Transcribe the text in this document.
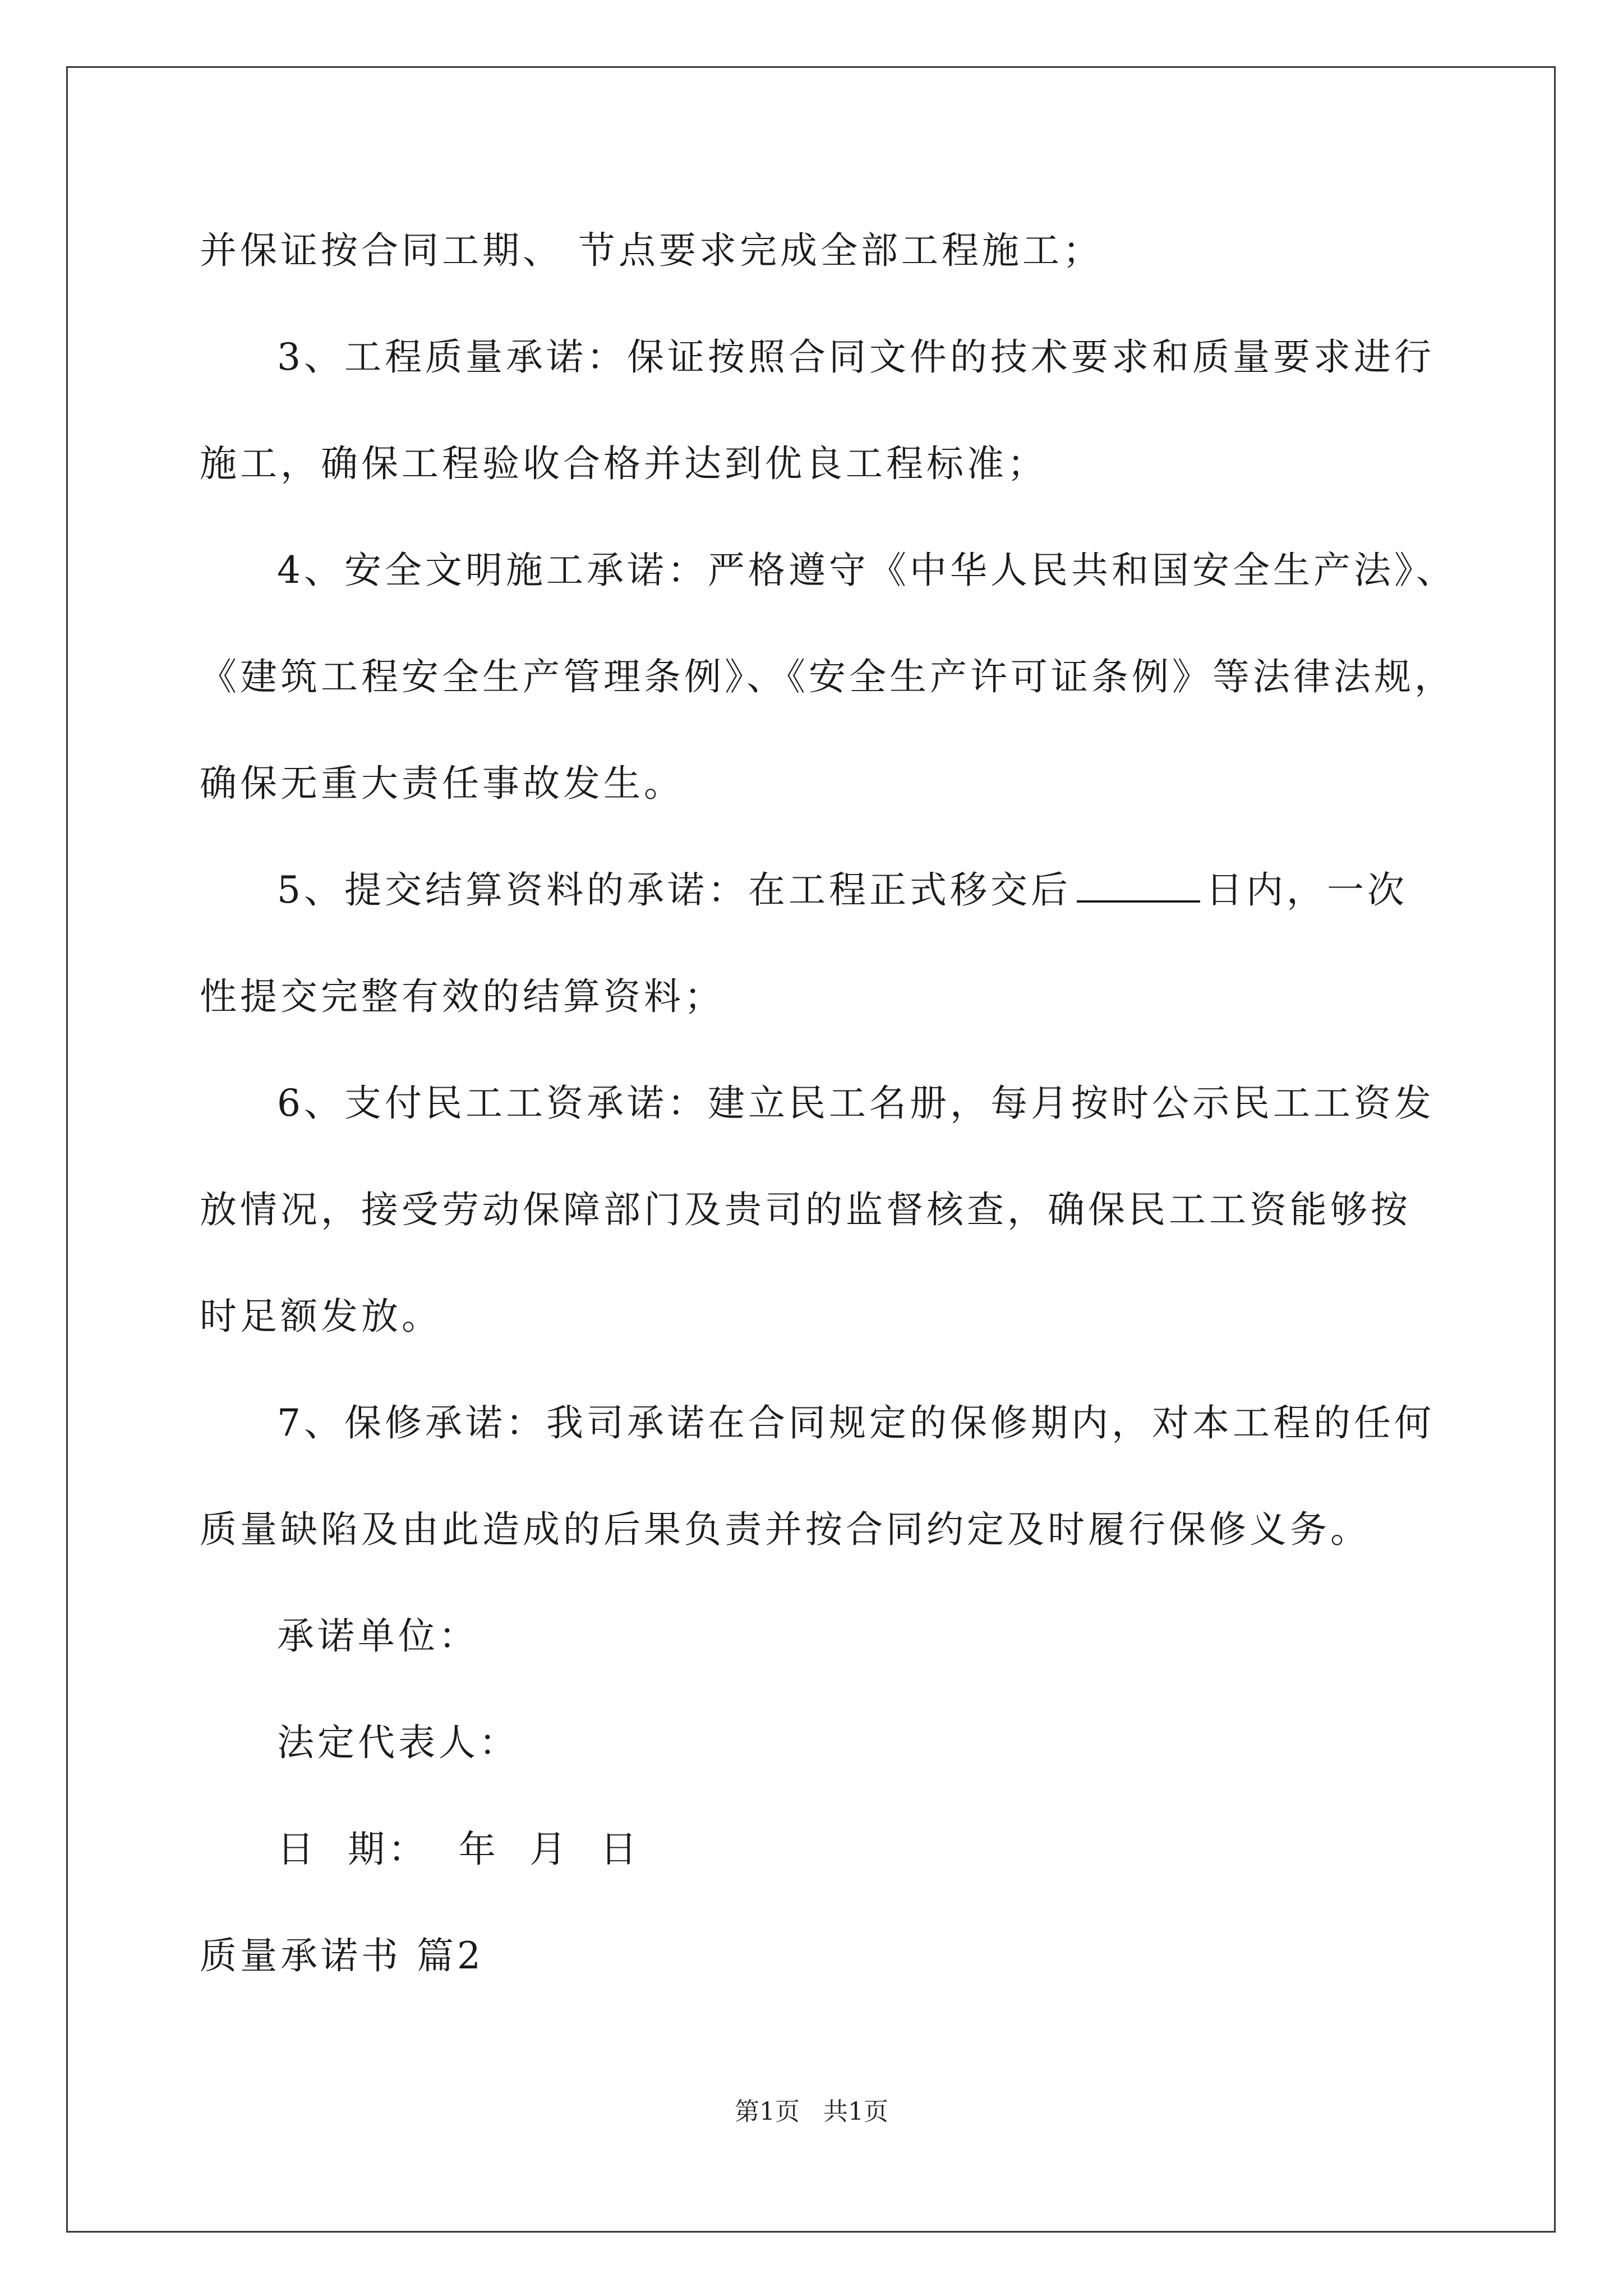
并保证按合同工期、 节点要求完成全部工程施工；
3、工程质量承诺：保证按照合同文件的技术要求和质量要求进行
施工，确保工程验收合格并达到优良工程标准；
4、安全文明施工承诺：严格遵守《中华人民共和国安全生产法》、
《建筑工程安全生产管理条例》、《安全生产许可证条例》等法律法规，
确保无重大责任事故发生。
5、提交结算资料的承诺：在工程正式移交后	日内，一次
性提交完整有效的结算资料；
6、支付民工工资承诺：建立民工名册，每月按时公示民工工资发
放情况，接受劳动保障部门及贵司的监督核查，确保民工工资能够按
时足额发放。
7、保修承诺：我司承诺在合同规定的保修期内，对本工程的任何
质量缺陷及由此造成的后果负责并按合同约定及时履行保修义务。
承诺单位：
法定代表人：
日  期：  年  月  日
质量承诺书 篇2
第1页   共1页
